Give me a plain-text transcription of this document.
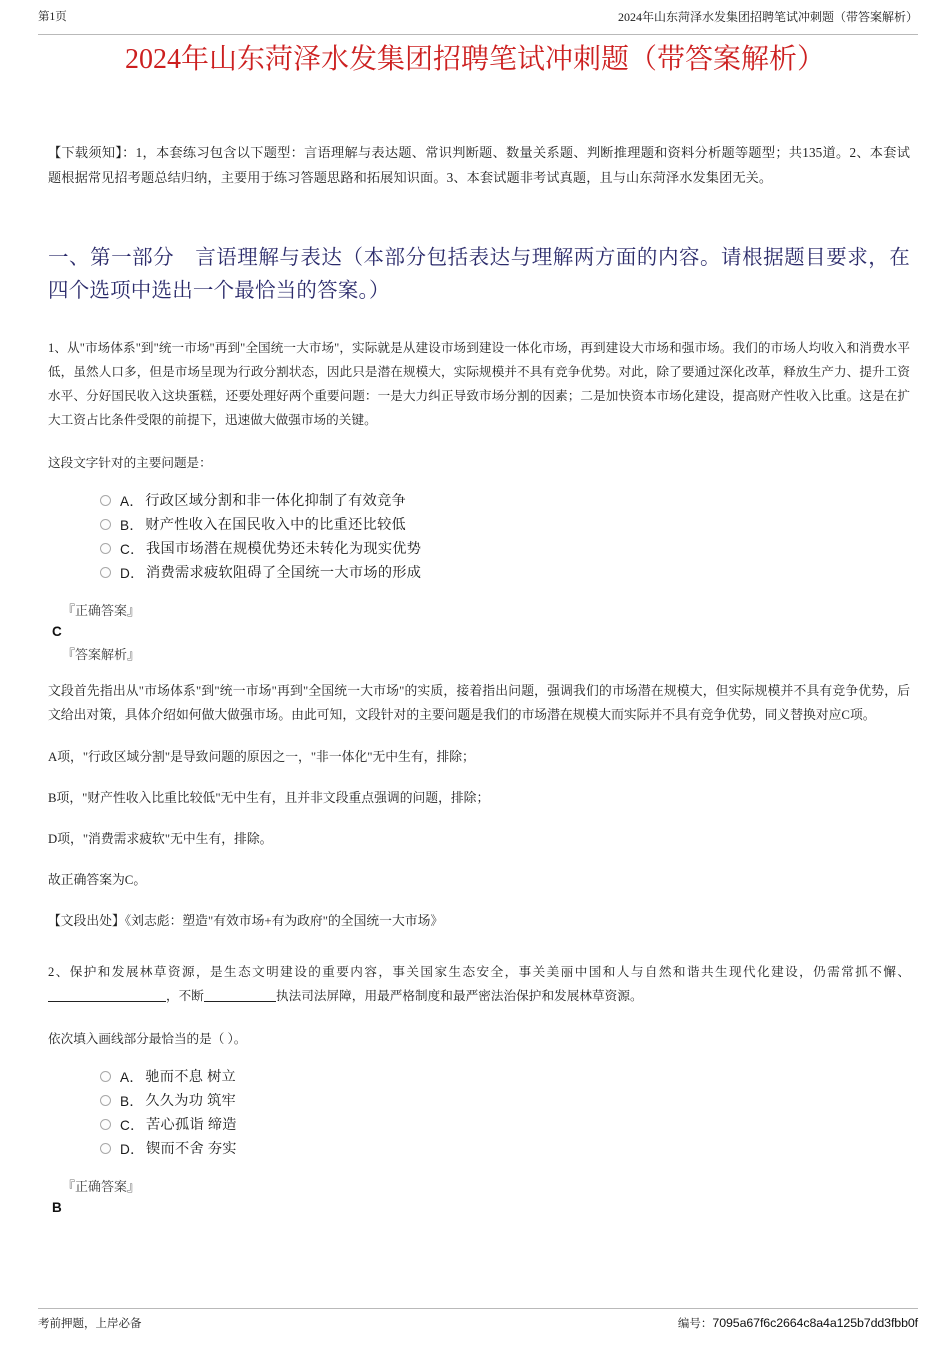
第1页	2024年山东菏泽水发集团招聘笔试冲刺题（带答案解析）
2024年山东菏泽水发集团招聘笔试冲刺题（带答案解析）

【下载须知】：1，本套练习包含以下题型：言语理解与表达题、常识判断题、数量关系题、判断推理题和资料分析题等题型；共135道。2、本套试题根据常见招考题总结归纳，主要用于练习答题思路和拓展知识面。3、本套试题非考试真题，且与山东菏泽水发集团无关。

一、第一部分　言语理解与表达（本部分包括表达与理解两方面的内容。请根据题目要求，在四个选项中选出一个最恰当的答案。）

1、从"市场体系"到"统一市场"再到"全国统一大市场"，实际就是从建设市场到建设一体化市场，再到建设大市场和强市场。我们的市场人均收入和消费水平低，虽然人口多，但是市场呈现为行政分割状态，因此只是潜在规模大，实际规模并不具有竞争优势。对此，除了要通过深化改革，释放生产力、提升工资水平、分好国民收入这块蛋糕，还要处理好两个重要问题：一是大力纠正导致市场分割的因素；二是加快资本市场化建设，提高财产性收入比重。这是在扩大工资占比条件受限的前提下，迅速做大做强市场的关键。

这段文字针对的主要问题是：

A． 行政区域分割和非一体化抑制了有效竞争
B． 财产性收入在国民收入中的比重还比较低
C． 我国市场潜在规模优势还未转化为现实优势
D． 消费需求疲软阻碍了全国统一大市场的形成

『正确答案』

C

『答案解析』

文段首先指出从"市场体系"到"统一市场"再到"全国统一大市场"的实质，接着指出问题，强调我们的市场潜在规模大，但实际规模并不具有竞争优势，后文给出对策，具体介绍如何做大做强市场。由此可知，文段针对的主要问题是我们的市场潜在规模大而实际并不具有竞争优势，同义替换对应C项。

A项，"行政区域分割"是导致问题的原因之一，"非一体化"无中生有，排除；

B项，"财产性收入比重比较低"无中生有，且并非文段重点强调的问题，排除；

D项，"消费需求疲软"无中生有，排除。

故正确答案为C。

【文段出处】《刘志彪：塑造"有效市场+有为政府"的全国统一大市场》

2、保护和发展林草资源，是生态文明建设的重要内容，事关国家生态安全，事关美丽中国和人与自然和谐共生现代化建设，仍需常抓不懈、，不断	执法司法屏障，用最严格制度和最严密法治保护和发展林草资源。

依次填入画线部分最恰当的是（ ）。

A． 驰而不息 树立
B． 久久为功 筑牢
C． 苦心孤诣 缔造
D． 锲而不舍 夯实

『正确答案』

B

考前押题，上岸必备	编号：7095a67f6c2664c8a4a125b7dd3fbb0f
